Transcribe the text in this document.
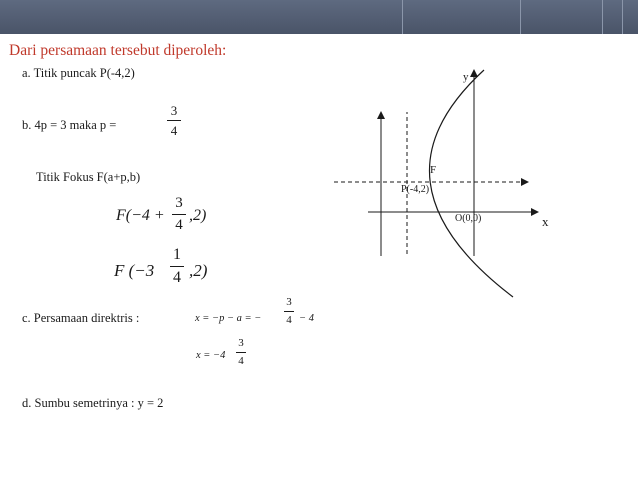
Dari persamaan tersebut diperoleh:
a. Titik puncak P(-4,2)
b. 4p = 3 maka p =
3
4
Titik Fokus F(a+p,b)
F(−4 +
3
4
,2)
F (−3
1
4 ,2)
c. Persamaan direktris :	x = −p − a = −
3
4 − 4
x = −4
3
4
d. Sumbu semetrinya : y = 2
y
x
F
P(-4,2)
O(0,0)
